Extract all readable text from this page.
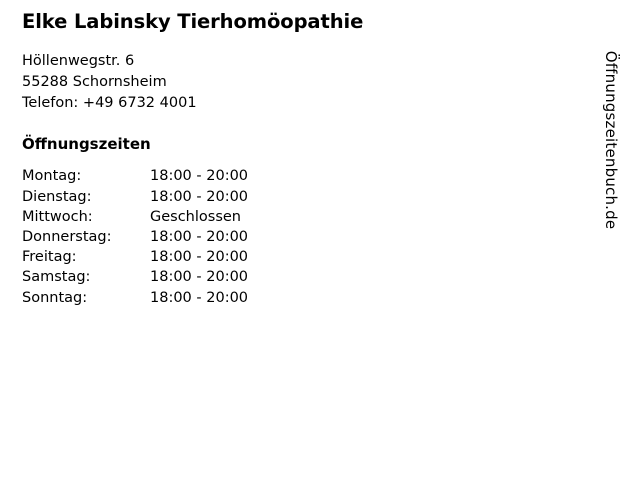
Elke Labinsky Tierhomöopathie
Höllenwegstr. 6
55288 Schornsheim
Telefon: +49 6732 4001
Öffnungszeiten
Montag:	18:00 - 20:00
Dienstag:	18:00 - 20:00
Mittwoch:	Geschlossen
Donnerstag:	18:00 - 20:00
Freitag:	18:00 - 20:00
Samstag:	18:00 - 20:00
Sonntag:	18:00 - 20:00
Öffnungszeitenbuch.de
